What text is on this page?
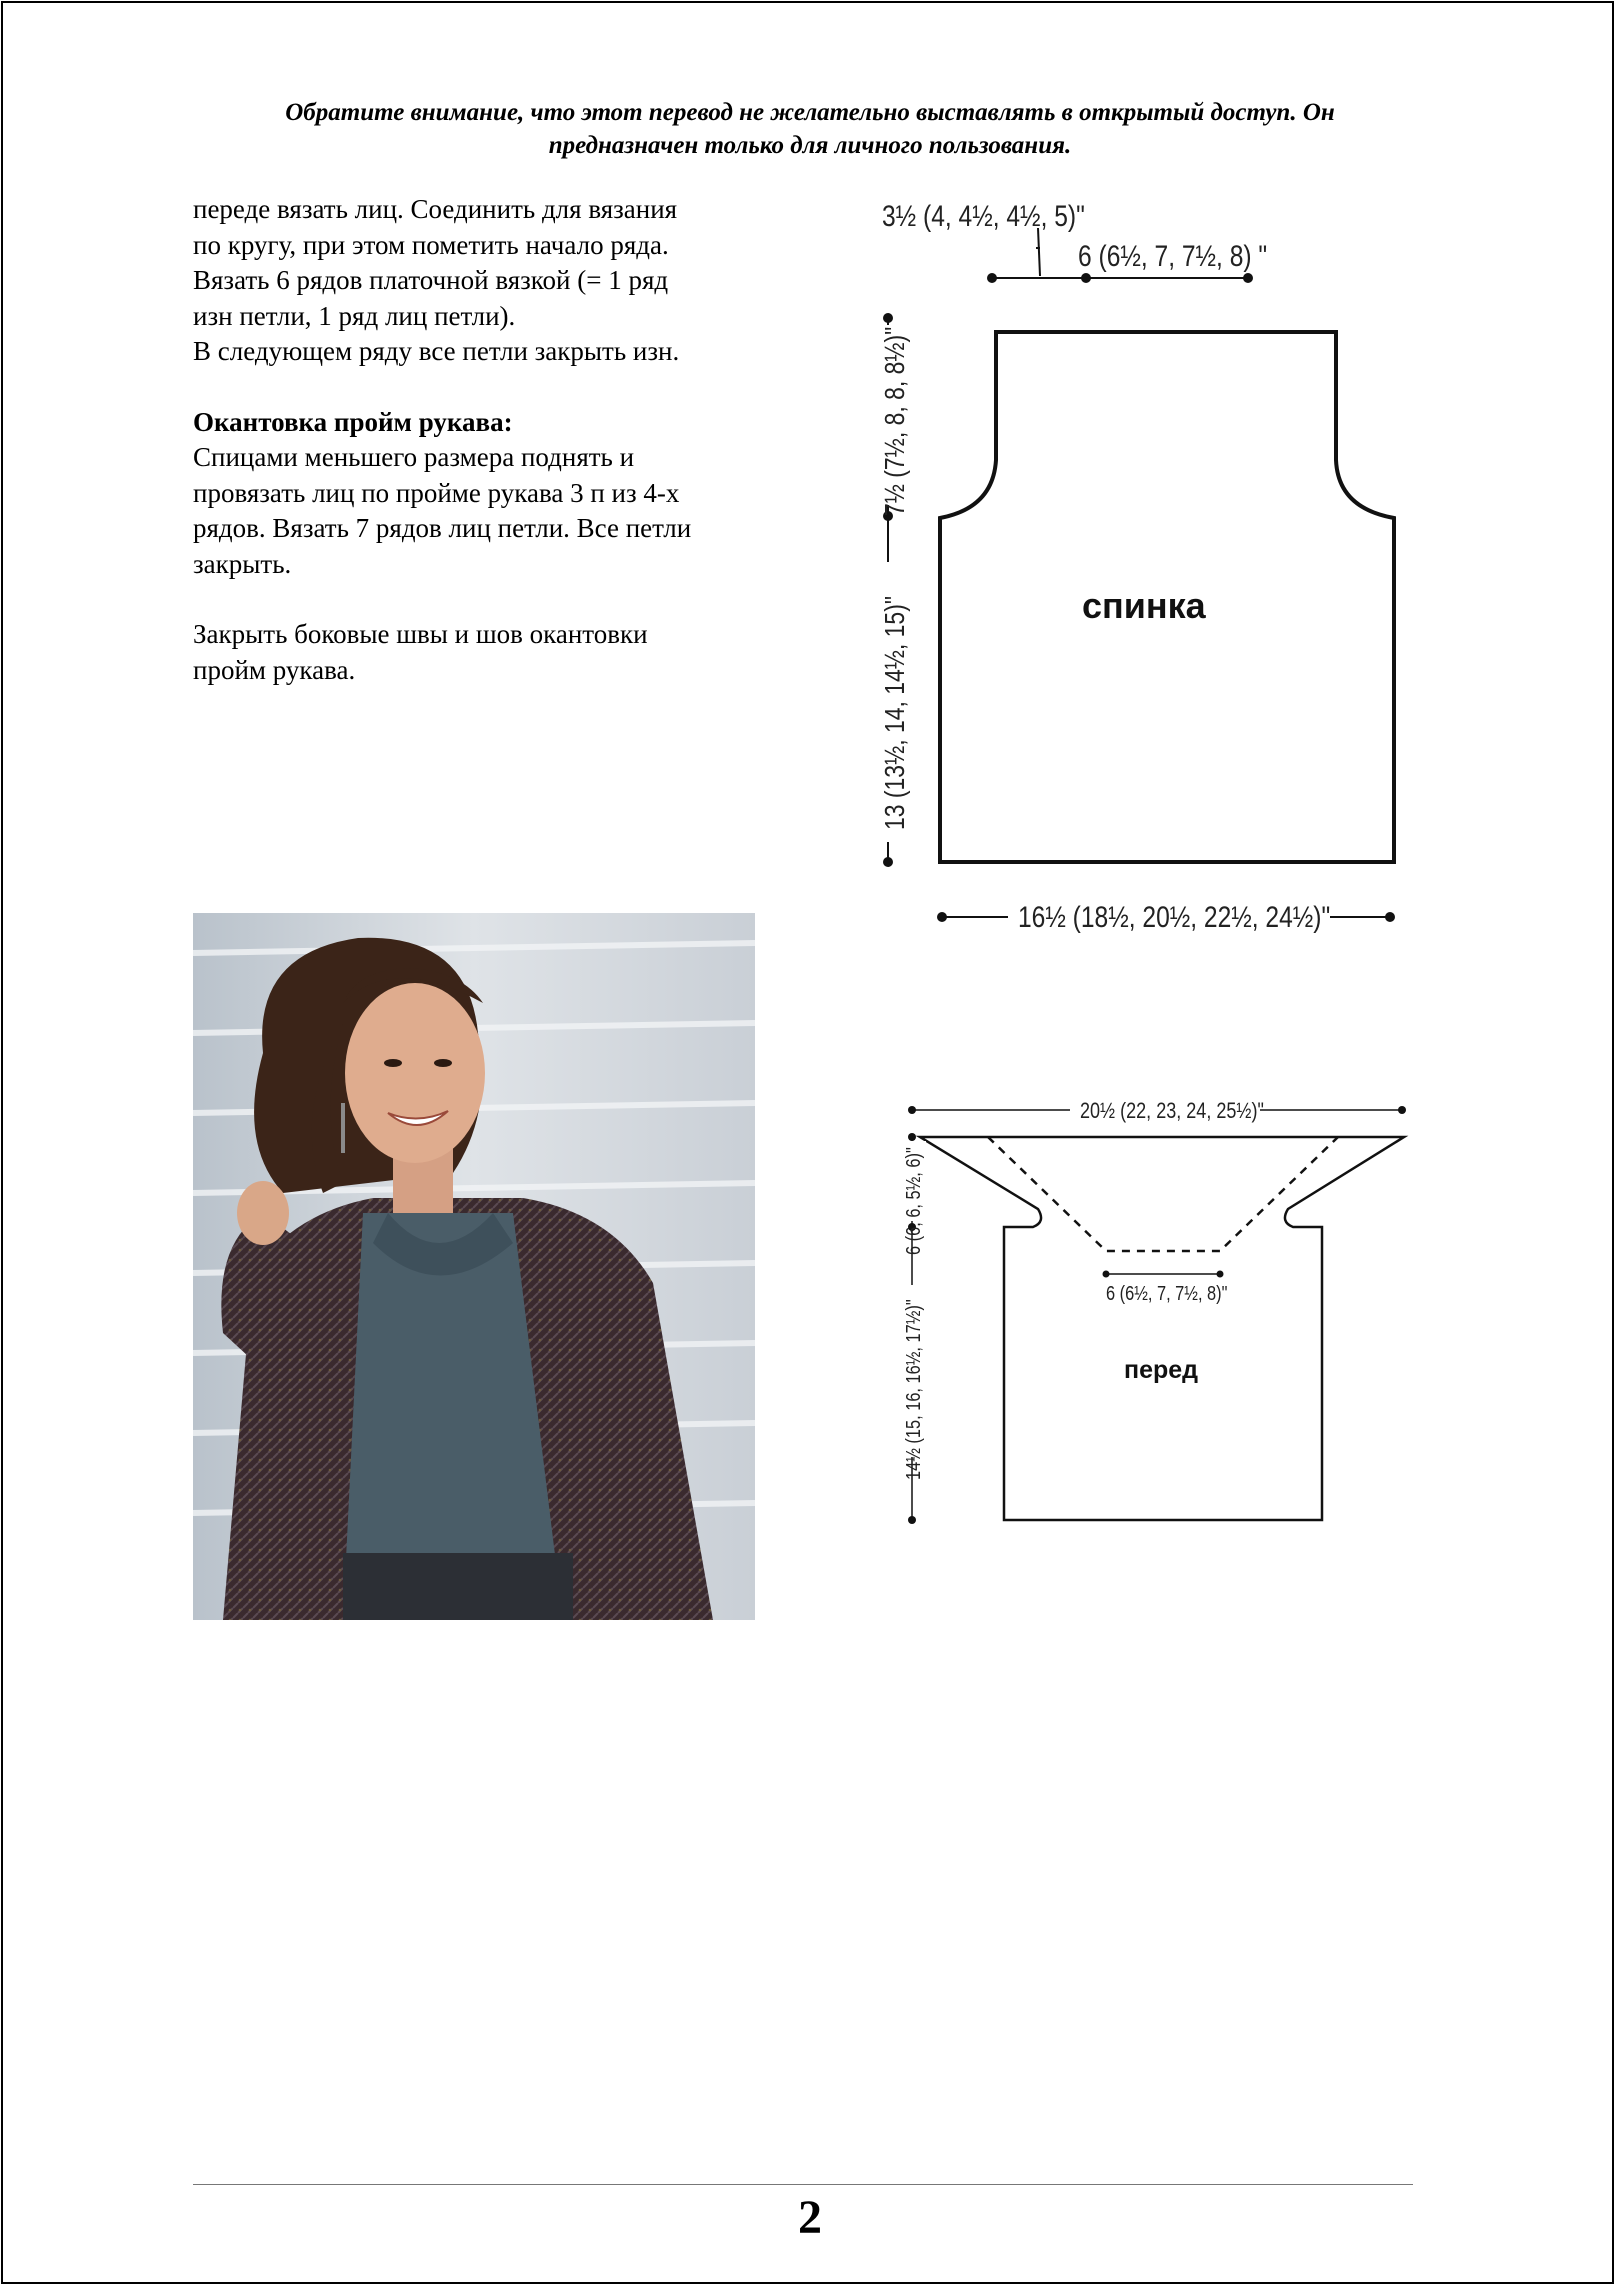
Обратите внимание, что этот перевод не желательно выставлять в открытый доступ. Он
предназначен только для личного пользования.

переде вязать лиц. Соединить для вязания

по кругу, при этом пометить начало ряда.

Вязать 6 рядов платочной вязкой (= 1 ряд

изн петли, 1 ряд лиц петли).

В следующем ряду все петли закрыть изн.

Окантовка пройм рукава:

Спицами меньшего размера поднять и

провязать лиц по пройме рукава 3 п из 4-х

рядов. Вязать 7 рядов лиц петли. Все петли

закрыть.

Закрыть боковые швы и шов окантовки

пройм рукава.

3½ (4, 4½, 4½, 5)"
6 (6½, 7, 7½, 8) "
7½ (7½, 8, 8, 8½)"
13 (13½, 14, 14½, 15)"	спинка
16½ (18½, 20½, 22½, 24½)"
20½ (22, 23, 24, 25½)"
6 (6½, 7, 7½, 8)"
6 (6, 6, 5½, 6)"
14½ (15, 16, 16½, 17½)"	перед
2
